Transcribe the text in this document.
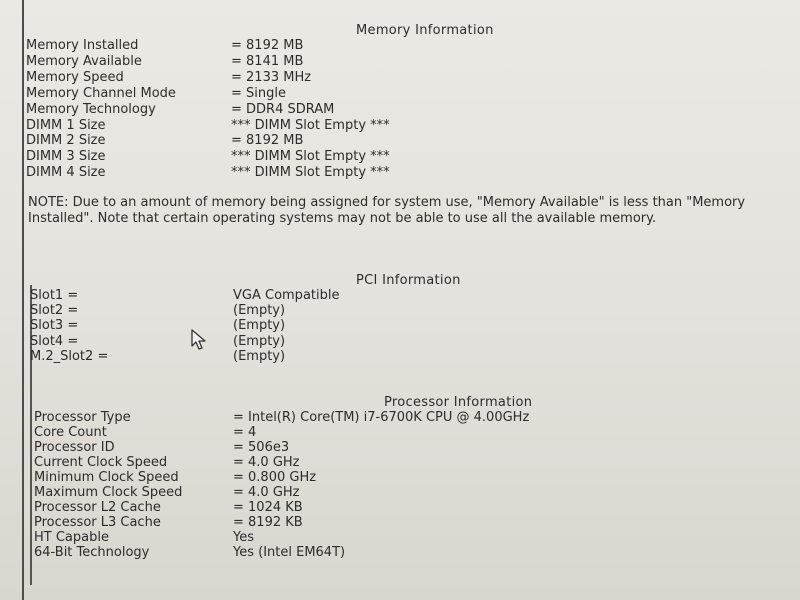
Memory Information
Memory Installed	= 8192 MB
Memory Available	= 8141 MB
Memory Speed	= 2133 MHz
Memory Channel Mode	= Single
Memory Technology	= DDR4 SDRAM
DIMM 1 Size	*** DIMM Slot Empty ***
DIMM 2 Size	= 8192 MB
DIMM 3 Size	*** DIMM Slot Empty ***
DIMM 4 Size	*** DIMM Slot Empty ***
NOTE: Due to an amount of memory being assigned for system use, "Memory Available" is less than "Memory Installed". Note that certain operating systems may not be able to use all the available memory.
PCI Information
Slot1 =	VGA Compatible
Slot2 =	(Empty)
Slot3 =	(Empty)
Slot4 =	(Empty)
M.2_Slot2 =	(Empty)
Processor Information
Processor Type	= Intel(R) Core(TM) i7-6700K CPU @ 4.00GHz
Core Count	= 4
Processor ID	= 506e3
Current Clock Speed	= 4.0 GHz
Minimum Clock Speed	= 0.800 GHz
Maximum Clock Speed	= 4.0 GHz
Processor L2 Cache	= 1024 KB
Processor L3 Cache	= 8192 KB
HT Capable	Yes
64-Bit Technology	Yes (Intel EM64T)
